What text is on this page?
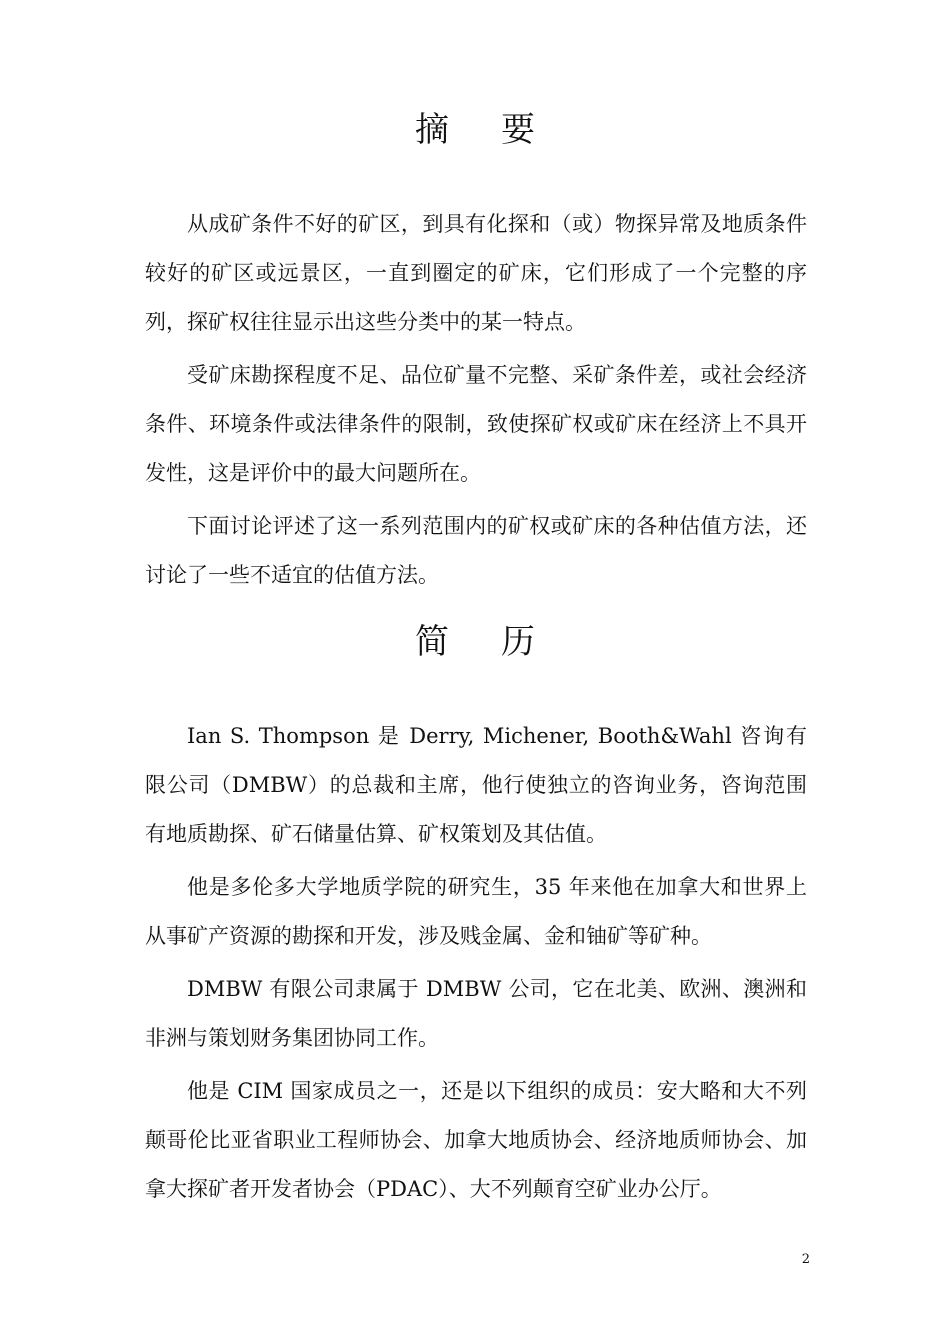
摘要

从成矿条件不好的矿区，到具有化探和（或）物探异常及地质条件较好的矿区或远景区，一直到圈定的矿床，它们形成了一个完整的序列，探矿权往往显示出这些分类中的某一特点。

受矿床勘探程度不足、品位矿量不完整、采矿条件差，或社会经济条件、环境条件或法律条件的限制，致使探矿权或矿床在经济上不具开发性，这是评价中的最大问题所在。

下面讨论评述了这一系列范围内的矿权或矿床的各种估值方法，还讨论了一些不适宜的估值方法。

简历

Ian S. Thompson 是 Derry, Michener, Booth&Wahl 咨询有限公司（DMBW）的总裁和主席，他行使独立的咨询业务，咨询范围有地质勘探、矿石储量估算、矿权策划及其估值。

他是多伦多大学地质学院的研究生，35 年来他在加拿大和世界上从事矿产资源的勘探和开发，涉及贱金属、金和铀矿等矿种。

DMBW 有限公司隶属于 DMBW 公司，它在北美、欧洲、澳洲和非洲与策划财务集团协同工作。

他是 CIM 国家成员之一，还是以下组织的成员：安大略和大不列颠哥伦比亚省职业工程师协会、加拿大地质协会、经济地质师协会、加拿大探矿者开发者协会（PDAC）、大不列颠育空矿业办公厅。

2
